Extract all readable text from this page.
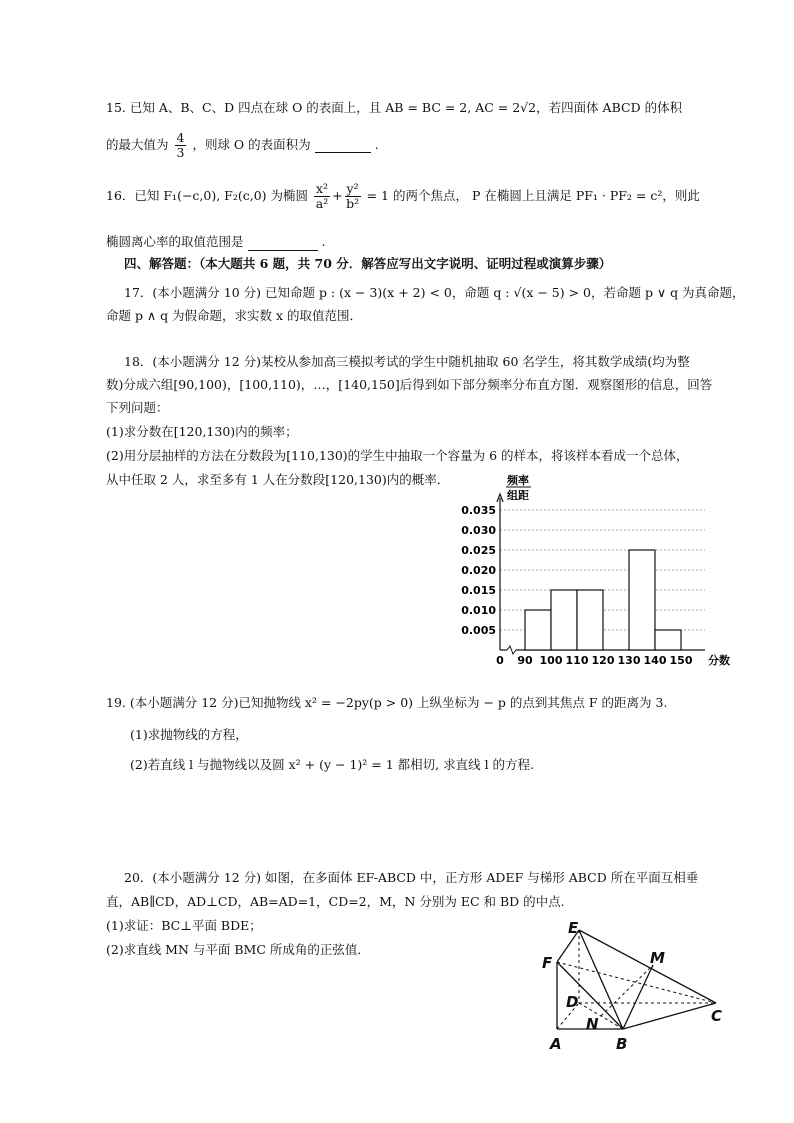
15. 已知 A、B、C、D 四点在球 O 的表面上，且 AB = BC = 2, AC = 2√2，若四面体 ABCD 的体积
的最大值为 $\frac{4}{3}$ ，则球 O 的表面积为	.
16．已知 F₁(−c,0), F₂(c,0) 为椭圆 $\frac{\text{x²}}{\text{a²}} + \frac{\text{y²}}{\text{b²}} = 1$ 的两个焦点， P 在椭圆上且满足 PF₁ · PF₂ = c²，则此
椭圆离心率的取值范围是	.
四、解答题：（本大题共 6 题，共 70 分．解答应写出文字说明、证明过程或演算步骤）
17．(本小题满分 10 分) 已知命题 p : (x − 3)(x + 2) < 0，命题 q : √(x − 5) > 0，若命题 p ∨ q 为真命题，
命题 p ∧ q 为假命题，求实数 x 的取值范围．
18．(本小题满分 12 分)某校从参加高三模拟考试的学生中随机抽取 60 名学生，将其数学成绩(均为整
数)分成六组[90,100)，[100,110)，…，[140,150]后得到如下部分频率分布直方图．观察图形的信息，回答
下列问题：
(1)求分数在[120,130)内的频率；
(2)用分层抽样的方法在分数段为[110,130)的学生中抽取一个容量为 6 的样本，将该样本看成一个总体，
从中任取 2 人，求至多有 1 人在分数段[120,130)内的概率．
0.005
0.010
0.015
0.020
0.025
0.030
0.035
0 90 100 110 120 130 140 150 分数
频率
组距
19. (本小题满分 12 分)已知抛物线 x² = −2py(p > 0) 上纵坐标为 − p 的点到其焦点 F 的距离为 3.
(1)求抛物线的方程，
(2)若直线 l 与抛物线以及圆 x² + (y − 1)² = 1 都相切, 求直线 l 的方程.
20．(本小题满分 12 分) 如图，在多面体 EF-ABCD 中，正方形 ADEF 与梯形 ABCD 所在平面互相垂
直，AB∥CD，AD⊥CD，AB=AD=1，CD=2，M，N 分别为 EC 和 BD 的中点.
(1)求证：BC⊥平面 BDE；
(2)求直线 MN 与平面 BMC 所成角的正弦值．
E
F	M
D
N	C
A	B
